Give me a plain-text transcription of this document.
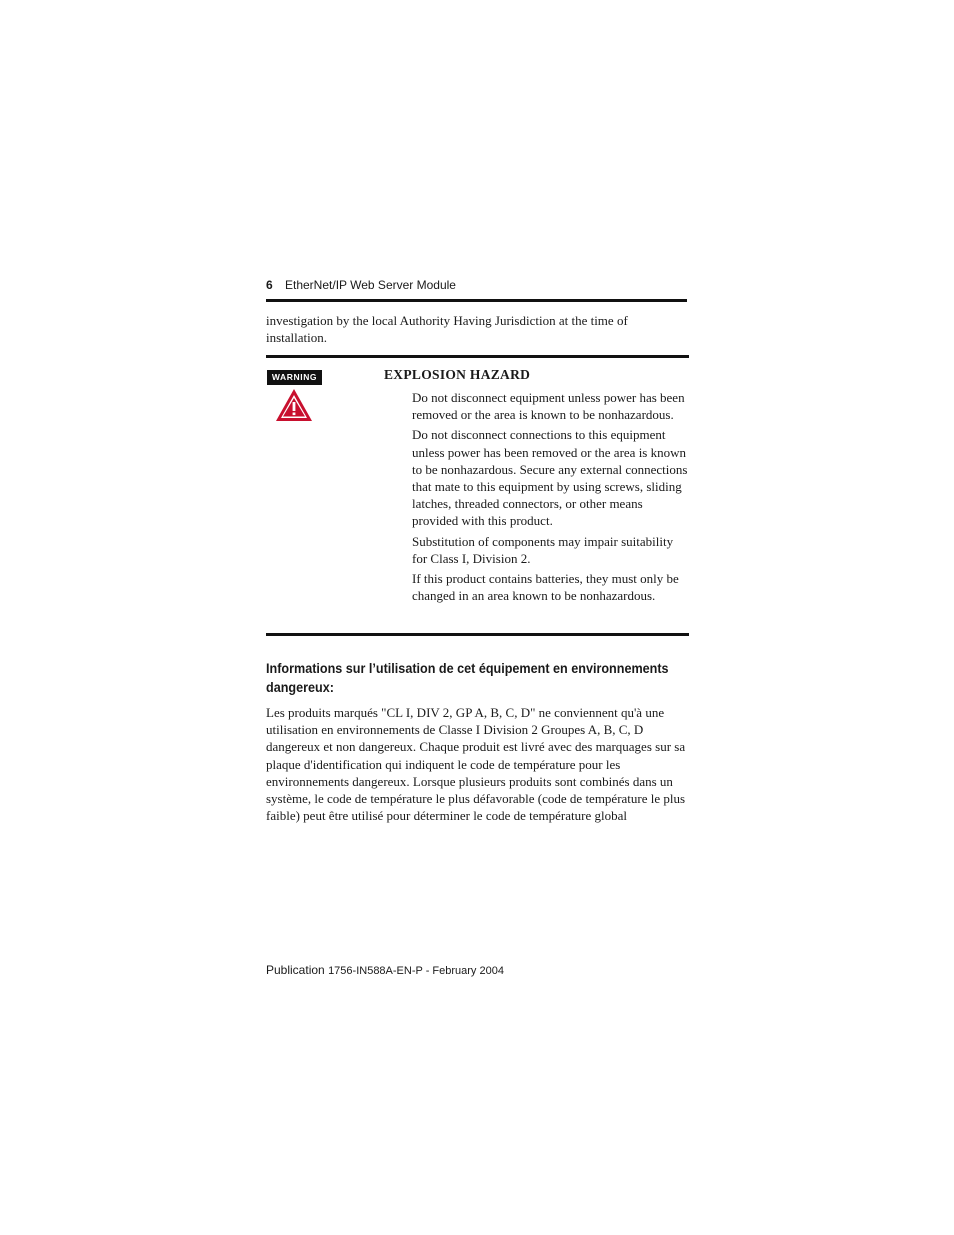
6 EtherNet/IP Web Server Module
investigation by the local Authority Having Jurisdiction at the time of installation.
WARNING	EXPLOSION HAZARD

Do not disconnect equipment unless power has been removed or the area is known to be nonhazardous.

Do not disconnect connections to this equipment unless power has been removed or the area is known to be nonhazardous. Secure any external connections that mate to this equipment by using screws, sliding latches, threaded connectors, or other means provided with this product.

Substitution of components may impair suitability for Class I, Division 2.

If this product contains batteries, they must only be changed in an area known to be nonhazardous.

Informations sur l’utilisation de cet équipement en environnements dangereux:

Les produits marqués "CL I, DIV 2, GP A, B, C, D" ne conviennent qu'à une utilisation en environnements de Classe I Division 2 Groupes A, B, C, D dangereux et non dangereux. Chaque produit est livré avec des marquages sur sa plaque d'identification qui indiquent le code de température pour les environnements dangereux. Lorsque plusieurs produits sont combinés dans un système, le code de température le plus défavorable (code de température le plus faible) peut être utilisé pour déterminer le code de température global

Publication 1756-IN588A-EN-P - February 2004
